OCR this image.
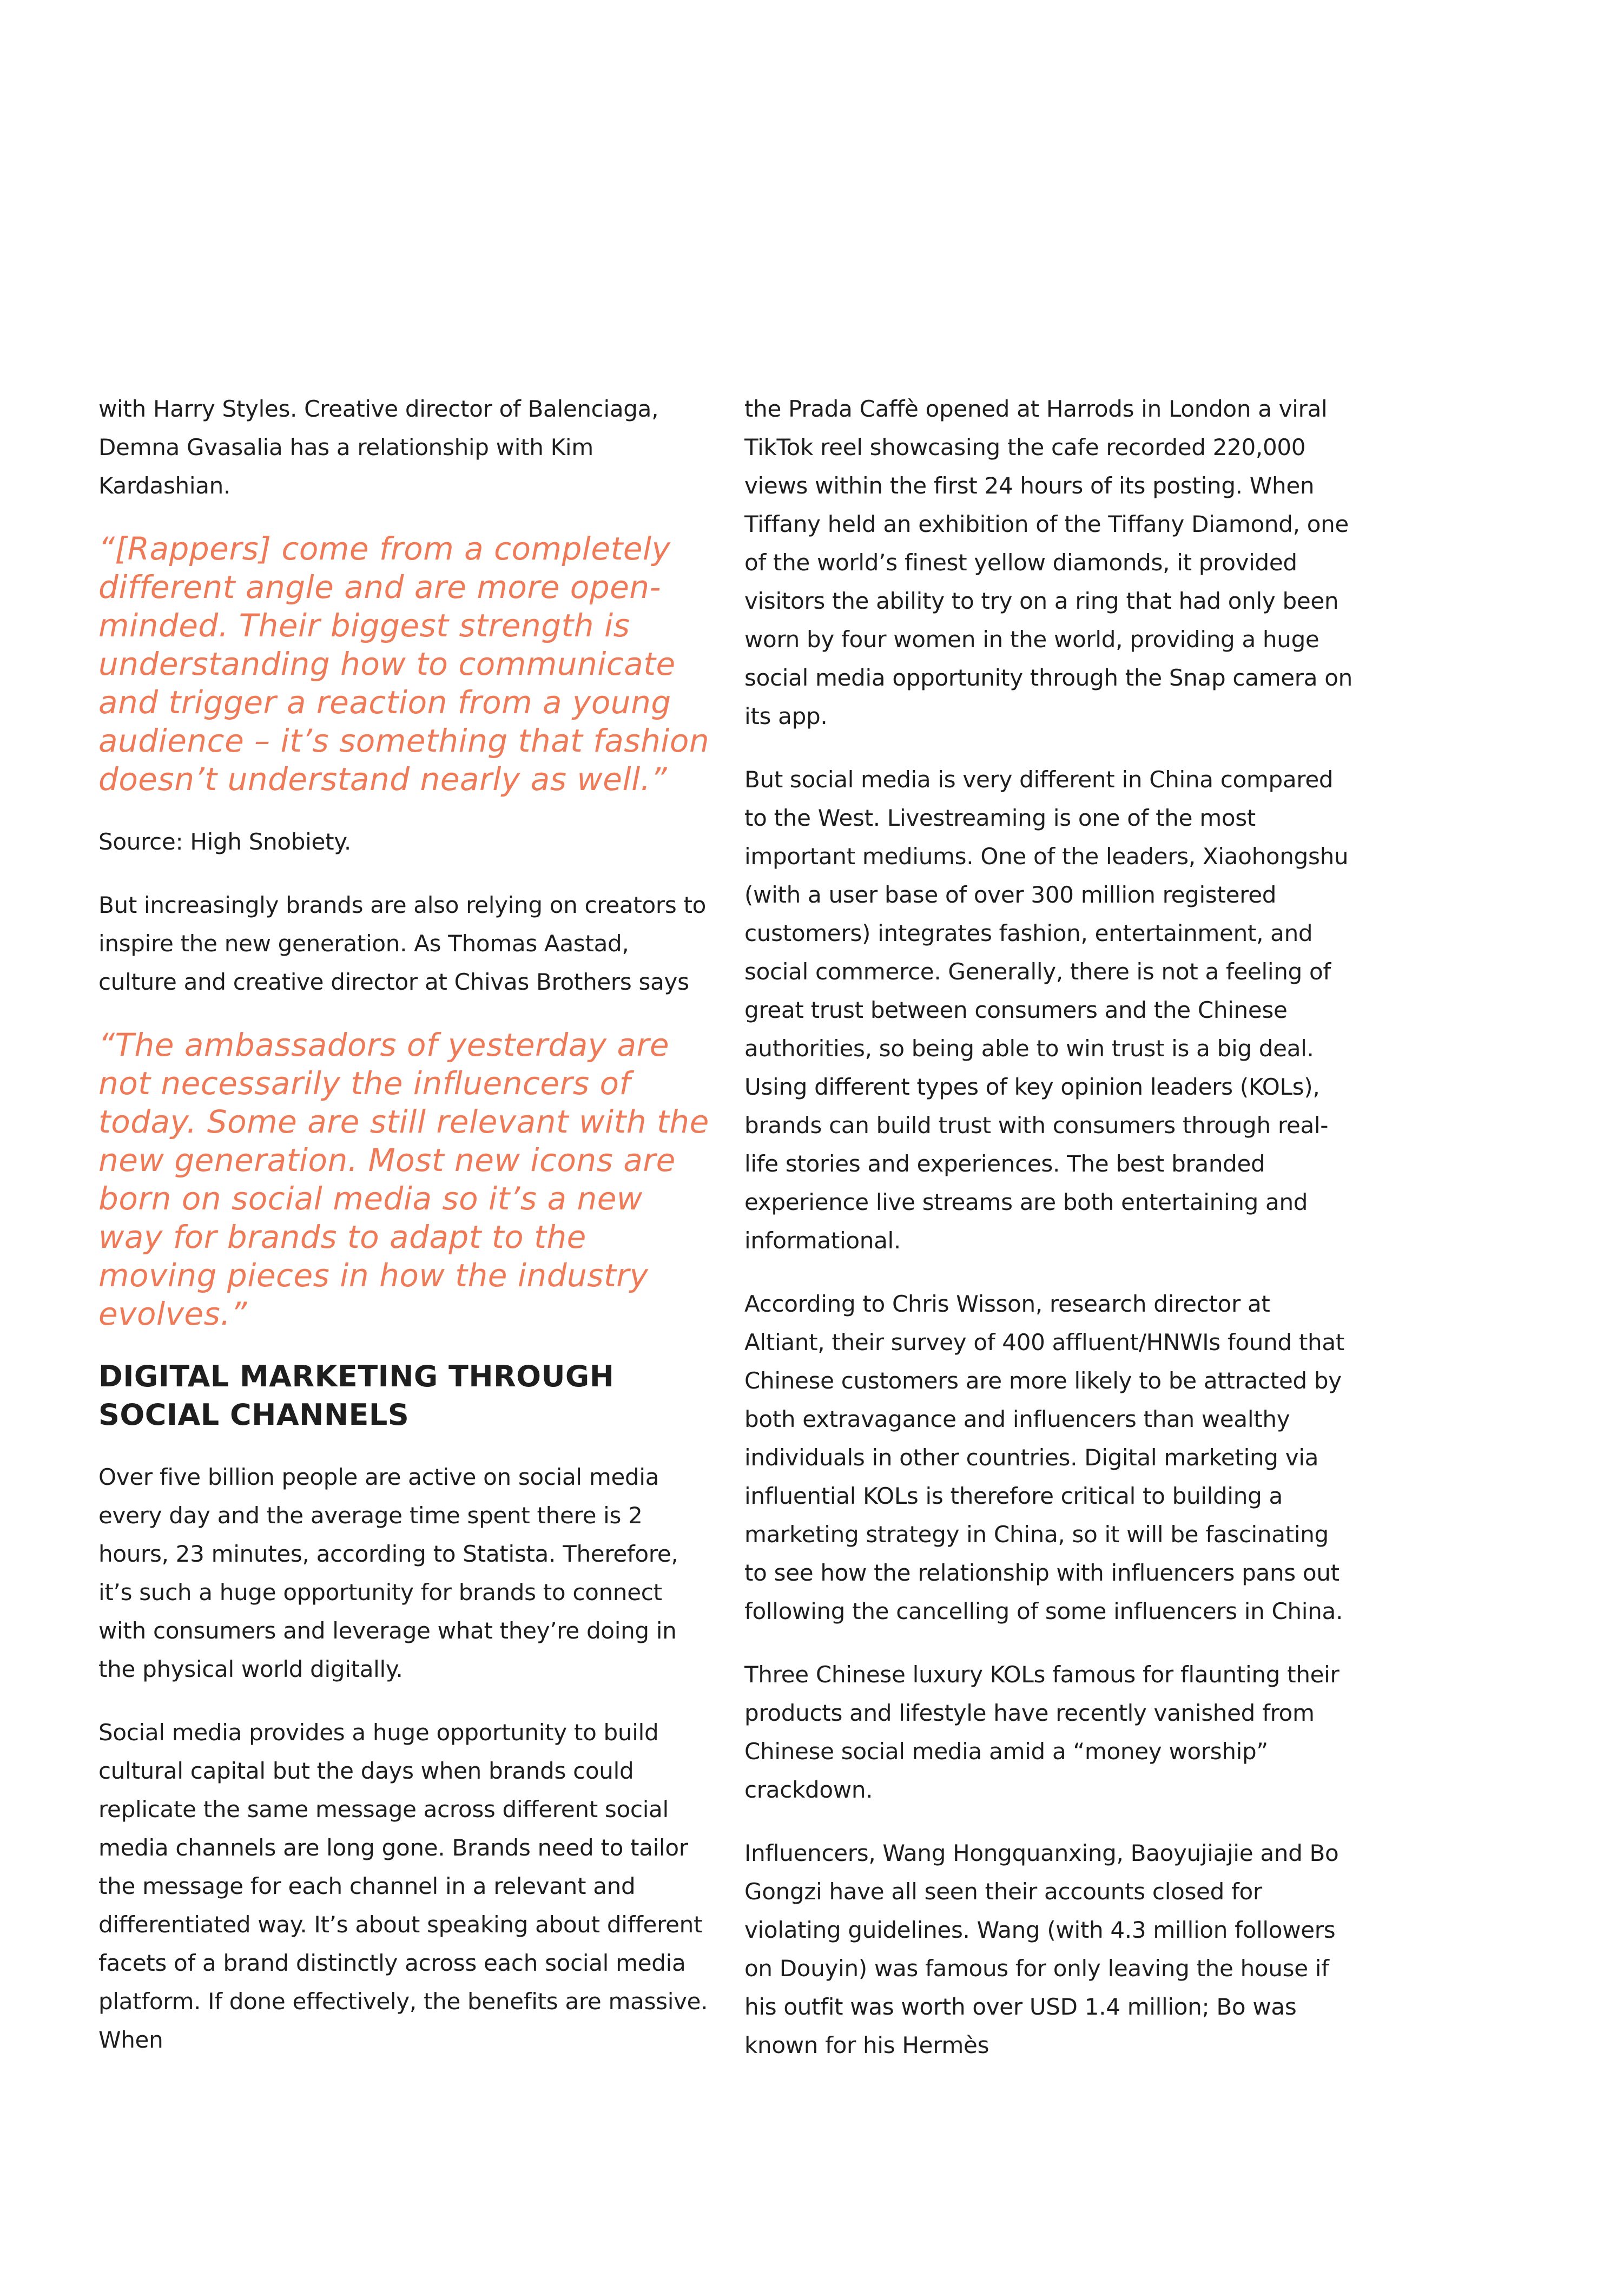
with Harry Styles. Creative director of Balenciaga, Demna Gvasalia has a relationship with Kim Kardashian.

“[Rappers] come from a completely different angle and are more open-minded. Their biggest strength is understanding how to communicate and trigger a reaction from a young audience – it’s something that fashion doesn’t understand nearly as well.”

Source: High Snobiety.

But increasingly brands are also relying on creators to inspire the new generation. As Thomas Aastad, culture and creative director at Chivas Brothers says

“The ambassadors of yesterday are not necessarily the influencers of today. Some are still relevant with the new generation. Most new icons are born on social media so it’s a new way for brands to adapt to the moving pieces in how the industry evolves.”

DIGITAL MARKETING THROUGH SOCIAL CHANNELS

Over five billion people are active on social media every day and the average time spent there is 2 hours, 23 minutes, according to Statista. Therefore, it’s such a huge opportunity for brands to connect with consumers and leverage what they’re doing in the physical world digitally.

Social media provides a huge opportunity to build cultural capital but the days when brands could replicate the same message across different social media channels are long gone. Brands need to tailor the message for each channel in a relevant and differentiated way. It’s about speaking about different facets of a brand distinctly across each social media platform. If done effectively, the benefits are massive. When

the Prada Caffè opened at Harrods in London a viral TikTok reel showcasing the cafe recorded 220,000 views within the first 24 hours of its posting. When Tiffany held an exhibition of the Tiffany Diamond, one of the world’s finest yellow diamonds, it provided visitors the ability to try on a ring that had only been worn by four women in the world, providing a huge social media opportunity through the Snap camera on its app.

But social media is very different in China compared to the West. Livestreaming is one of the most important mediums. One of the leaders, Xiaohongshu (with a user base of over 300 million registered customers) integrates fashion, entertainment, and social commerce. Generally, there is not a feeling of great trust between consumers and the Chinese authorities, so being able to win trust is a big deal. Using different types of key opinion leaders (KOLs), brands can build trust with consumers through real-life stories and experiences. The best branded experience live streams are both entertaining and informational.

According to Chris Wisson, research director at Altiant, their survey of 400 affluent/HNWIs found that Chinese customers are more likely to be attracted by both extravagance and influencers than wealthy individuals in other countries. Digital marketing via influential KOLs is therefore critical to building a marketing strategy in China, so it will be fascinating to see how the relationship with influencers pans out following the cancelling of some influencers in China.

Three Chinese luxury KOLs famous for flaunting their products and lifestyle have recently vanished from Chinese social media amid a “money worship” crackdown.

Influencers, Wang Hongquanxing, Baoyujiajie and Bo Gongzi have all seen their accounts closed for violating guidelines. Wang (with 4.3 million followers on Douyin) was famous for only leaving the house if his outfit was worth over USD 1.4 million; Bo was known for his Hermès
